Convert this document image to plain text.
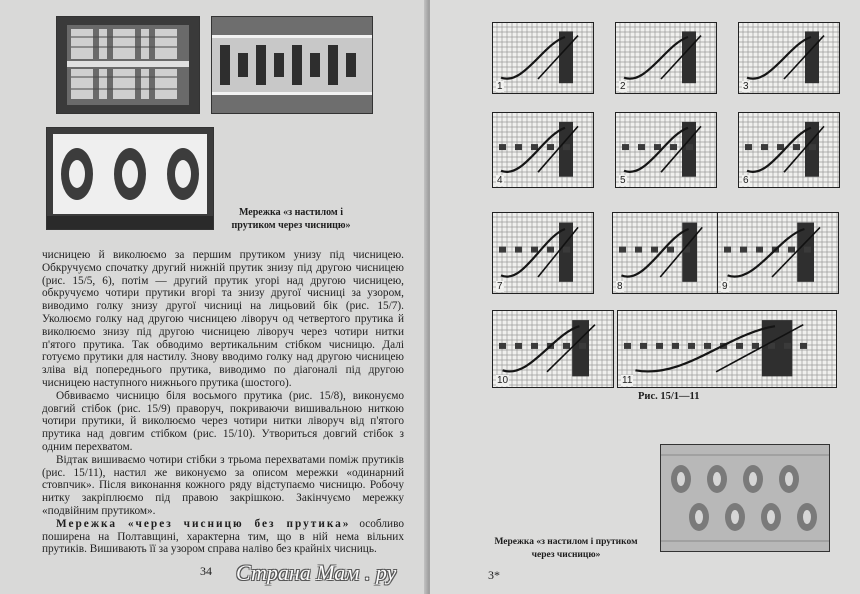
Мережка «з настилом і прутиком через чисницю»

чисницею й виколюємо за першим прутиком унизу під чисницею. Обкручуємо спочатку другий нижній прутик знизу під другою чисницею (рис. 15/5, 6), потім — другий прутик угорі над другою чисницею, обкручуємо чотири прутики вгорі та знизу другої чисниці за узором, виводимо голку знизу другої чисниці на лицьовий бік (рис. 15/7). Уколюємо голку над другою чисницею ліворуч од четвертого прутика й виколюємо знизу під другою чисницею ліворуч через чотири нитки п'ятого прутика. Так обводимо вертикальним стібком чисницю. Далі готуємо прутики для настилу. Знову вводимо голку над другою чисницею зліва від попереднього прутика, виводимо по діагоналі під другою чисницею наступного нижнього прутика (шостого).

Обвиваємо чисницю біля восьмого прутика (рис. 15/8), виконуємо довгий стібок (рис. 15/9) праворуч, покриваючи вишивальною ниткою чотири прутики, й виколюємо через чотири нитки ліворуч від п'ятого прутика над довгим стібком (рис. 15/10). Утвориться довгий стібок з одним перехватом.

Відтак вишиваємо чотири стібки з трьома перехватами поміж прутиків (рис. 15/11), настил же виконуємо за описом мережки «одинарний стовпчик». Після виконання кожного ряду відступаємо чисницю. Робочу нитку закріплюємо під правою закрішкою. Закінчуємо мережку «подвійним прутиком».

Мережка «через чисницю без прутика» особливо поширена на Полтавщині, характерна тим, що в ній нема вільних прутиків. Вишивають її за узором справа наліво без крайніх чисниць.

34
1	2	3
4	5	6
7	8	9
10	11
Рис. 15/1—11
Мережка «з настилом і прутиком через чисницю»
3*
Страна Мам . ру
